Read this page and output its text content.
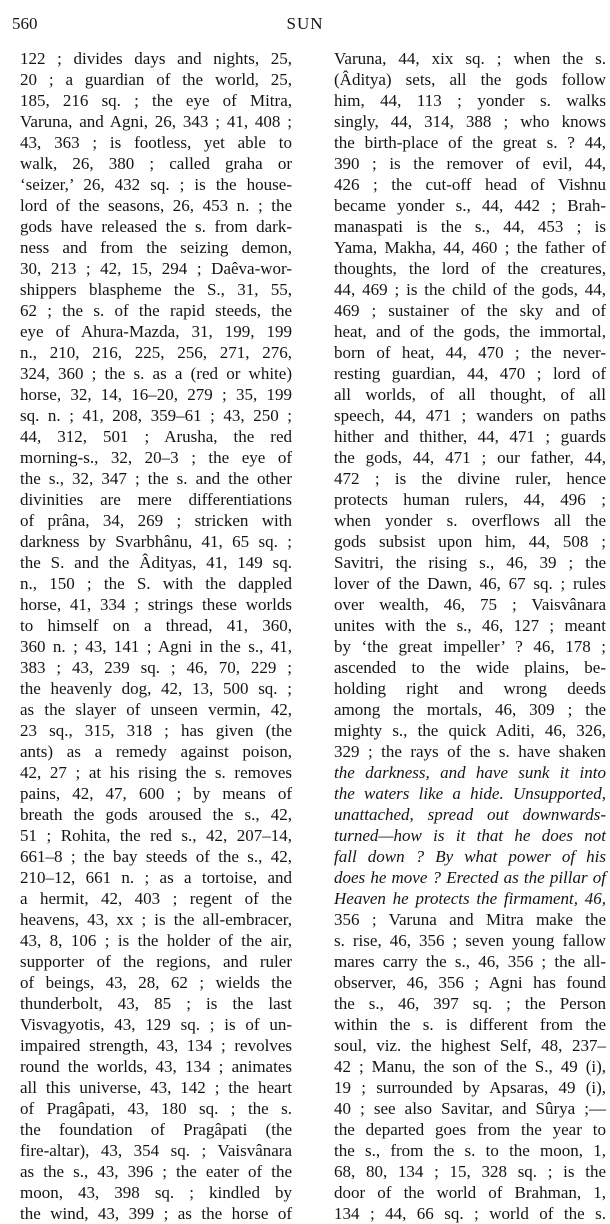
560	SUN
122 ; divides days and nights, 25,
20 ; a guardian of the world, 25,
185, 216 sq. ; the eye of Mitra,
Varuna, and Agni, 26, 343 ; 41, 408 ;
43, 363 ; is footless, yet able to
walk, 26, 380 ; called graha or
‘seizer,’ 26, 432 sq. ; is the house-
lord of the seasons, 26, 453 n. ; the
gods have released the s. from dark-
ness and from the seizing demon,
30, 213 ; 42, 15, 294 ; Daêva-wor-
shippers blaspheme the S., 31, 55,
62 ; the s. of the rapid steeds, the
eye of Ahura-Mazda, 31, 199, 199
n., 210, 216, 225, 256, 271, 276,
324, 360 ; the s. as a (red or white)
horse, 32, 14, 16–20, 279 ; 35, 199
sq. n. ; 41, 208, 359–61 ; 43, 250 ;
44, 312, 501 ; Arusha, the red
morning-s., 32, 20–3 ; the eye of
the s., 32, 347 ; the s. and the other
divinities are mere differentiations
of prâna, 34, 269 ; stricken with
darkness by Svarbhânu, 41, 65 sq. ;
the S. and the Âdityas, 41, 149 sq.
n., 150 ; the S. with the dappled
horse, 41, 334 ; strings these worlds
to himself on a thread, 41, 360,
360 n. ; 43, 141 ; Agni in the s., 41,
383 ; 43, 239 sq. ; 46, 70, 229 ;
the heavenly dog, 42, 13, 500 sq. ;
as the slayer of unseen vermin, 42,
23 sq., 315, 318 ; has given (the
ants) as a remedy against poison,
42, 27 ; at his rising the s. removes
pains, 42, 47, 600 ; by means of
breath the gods aroused the s., 42,
51 ; Rohita, the red s., 42, 207–14,
661–8 ; the bay steeds of the s., 42,
210–12, 661 n. ; as a tortoise, and
a hermit, 42, 403 ; regent of the
heavens, 43, xx ; is the all-embracer,
43, 8, 106 ; is the holder of the air,
supporter of the regions, and ruler
of beings, 43, 28, 62 ; wields the
thunderbolt, 43, 85 ; is the last
Visvagyotis, 43, 129 sq. ; is of un-
impaired strength, 43, 134 ; revolves
round the worlds, 43, 134 ; animates
all this universe, 43, 142 ; the heart
of Pragâpati, 43, 180 sq. ; the s.
the foundation of Pragâpati (the
fire-altar), 43, 354 sq. ; Vaisvânara
as the s., 43, 396 ; the eater of the
moon, 43, 398 sq. ; kindled by
the wind, 43, 399 ; as the horse of
Varuna, 44, xix sq. ; when the s.
(Âditya) sets, all the gods follow
him, 44, 113 ; yonder s. walks
singly, 44, 314, 388 ; who knows
the birth-place of the great s. ? 44,
390 ; is the remover of evil, 44,
426 ; the cut-off head of Vishnu
became yonder s., 44, 442 ; Brah-
manaspati is the s., 44, 453 ; is
Yama, Makha, 44, 460 ; the father of
thoughts, the lord of the creatures,
44, 469 ; is the child of the gods, 44,
469 ; sustainer of the sky and of
heat, and of the gods, the immortal,
born of heat, 44, 470 ; the never-
resting guardian, 44, 470 ; lord of
all worlds, of all thought, of all
speech, 44, 471 ; wanders on paths
hither and thither, 44, 471 ; guards
the gods, 44, 471 ; our father, 44,
472 ; is the divine ruler, hence
protects human rulers, 44, 496 ;
when yonder s. overflows all the
gods subsist upon him, 44, 508 ;
Savitri, the rising s., 46, 39 ; the
lover of the Dawn, 46, 67 sq. ; rules
over wealth, 46, 75 ; Vaisvânara
unites with the s., 46, 127 ; meant
by ‘the great impeller’ ? 46, 178 ;
ascended to the wide plains, be-
holding right and wrong deeds
among the mortals, 46, 309 ; the
mighty s., the quick Aditi, 46, 326,
329 ; the rays of the s. have shaken
the darkness, and have sunk it into
the waters like a hide. Unsupported,
unattached, spread out downwards-
turned—how is it that he does not
fall down ? By what power of his
does he move ? Erected as the pillar of
Heaven he protects the firmament, 46,
356 ; Varuna and Mitra make the
s. rise, 46, 356 ; seven young fallow
mares carry the s., 46, 356 ; the all-
observer, 46, 356 ; Agni has found
the s., 46, 397 sq. ; the Person
within the s. is different from the
soul, viz. the highest Self, 48, 237–
42 ; Manu, the son of the S., 49 (i),
19 ; surrounded by Apsaras, 49 (i),
40 ; see also Savitar, and Sûrya ;—
the departed goes from the year to
the s., from the s. to the moon, 1,
68, 80, 134 ; 15, 328 sq. ; is the
door of the world of Brahman, 1,
134 ; 44, 66 sq. ; world of the s.
